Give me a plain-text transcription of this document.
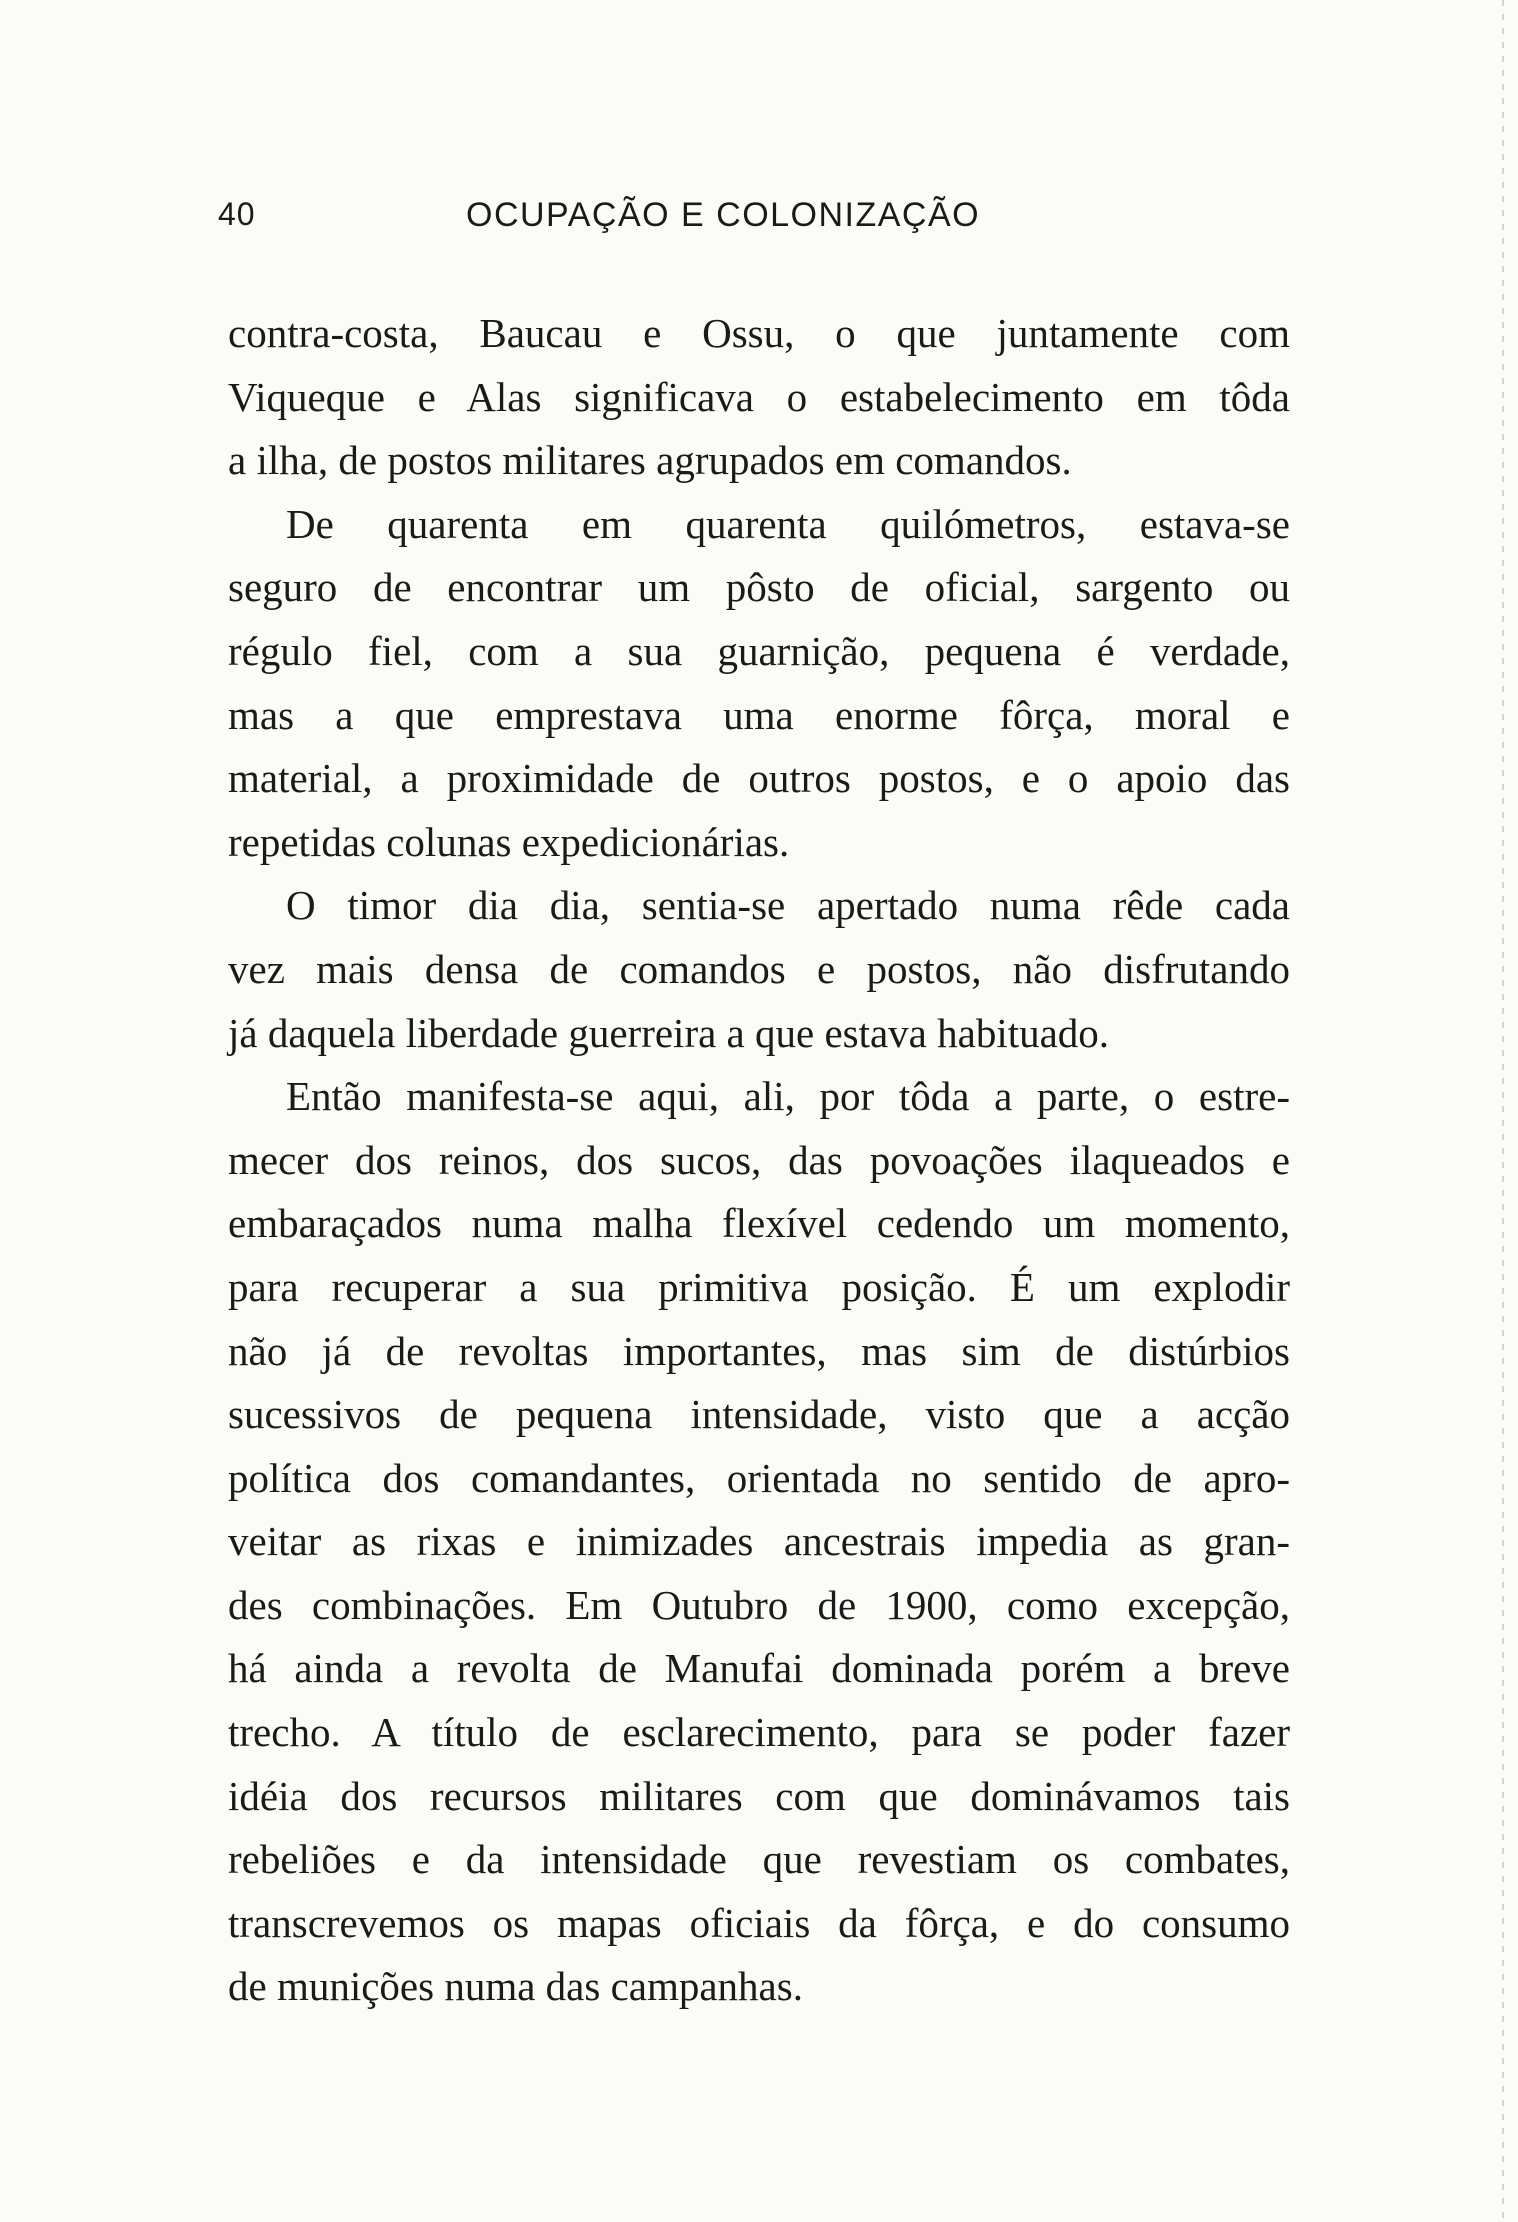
40	OCUPAÇÃO E COLONIZAÇÃO
contra-costa, Baucau e Ossu, o que juntamente com
Viqueque e Alas significava o estabelecimento em tôda
a ilha, de postos militares agrupados em comandos.
De quarenta em quarenta quilómetros, estava-se
seguro de encontrar um pôsto de oficial, sargento ou
régulo fiel, com a sua guarnição, pequena é verdade,
mas a que emprestava uma enorme fôrça, moral e
material, a proximidade de outros postos, e o apoio das
repetidas colunas expedicionárias.
O timor dia dia, sentia-se apertado numa rêde cada
vez mais densa de comandos e postos, não disfrutando
já daquela liberdade guerreira a que estava habituado.
Então manifesta-se aqui, ali, por tôda a parte, o estre-
mecer dos reinos, dos sucos, das povoações ilaqueados e
embaraçados numa malha flexível cedendo um momento,
para recuperar a sua primitiva posição. É um explodir
não já de revoltas importantes, mas sim de distúrbios
sucessivos de pequena intensidade, visto que a acção
política dos comandantes, orientada no sentido de apro-
veitar as rixas e inimizades ancestrais impedia as gran-
des combinações. Em Outubro de 1900, como excepção,
há ainda a revolta de Manufai dominada porém a breve
trecho. A título de esclarecimento, para se poder fazer
idéia dos recursos militares com que dominávamos tais
rebeliões e da intensidade que revestiam os combates,
transcrevemos os mapas oficiais da fôrça, e do consumo
de munições numa das campanhas.
